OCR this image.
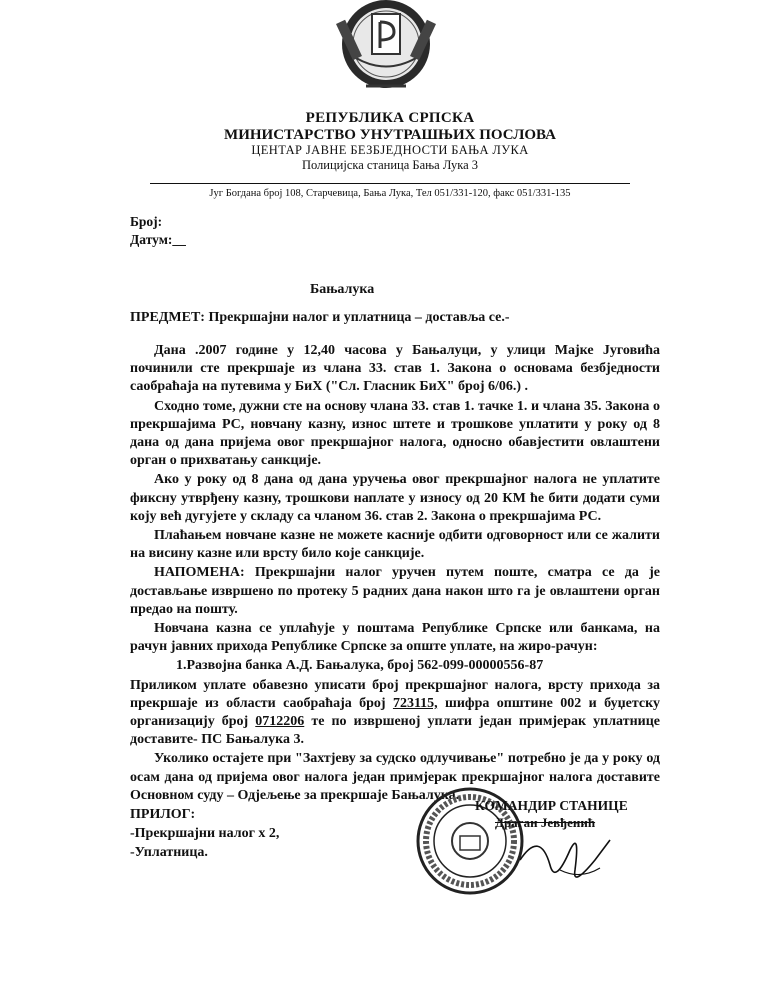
РЕПУБЛИКА СРПСКА
МИНИСТАРСТВО УНУТРАШЊИХ ПОСЛОВА
ЦЕНТАР ЈАВНЕ БЕЗБЈЕДНОСТИ БАЊА ЛУКА
Полицијска станица Бања Лука 3
Југ Богдана број 108, Старчевица, Бања Лука, Тел 051/331-120, факс 051/331-135
Број:
Датум:__
Бањалука
ПРЕДМЕТ: Прекршајни налог и уплатница – доставља се.-

Дана .2007 године у 12,40 часова у Бањалуци, у улици Мајке Југовића починили сте прекршаје из члана 33. став 1. Закона о основама безбједности саобраћаја на путевима у БиХ ("Сл. Гласник БиХ" број 6/06.) .

Сходно томе, дужни сте на основу члана 33. став 1. тачке 1. и члана 35. Закона о прекршајима РС, новчану казну, износ штете и трошкове уплатити у року од 8 дана од дана пријема овог прекршајног налога, односно обавјестити овлаштени орган о прихватању санкције.

Ако у року од 8 дана од дана уручења овог прекршајног налога не уплатите фиксну утврђену казну, трошкови наплате у износу од 20 КМ ће бити додати суми коју већ дугујете у складу са чланом 36. став 2. Закона о прекршајима РС.

Плаћањем новчане казне не можете касније одбити одговорност или се жалити на висину казне или врсту било које санкције.

НАПОМЕНА: Прекршајни налог уручен путем поште, сматра се да је достављање извршено по протеку 5 радних дана након што га је овлаштени орган предао на пошту.

Новчана казна се уплаћује у поштама Републике Српске или банкама, на рачун јавних прихода Републике Српске за опште уплате, на жиро-рачун:

1.Развојна банка А.Д. Бањалука, број 562-099-00000556-87

Приликом уплате обавезно уписати број прекршајног налога, врсту прихода за прекршаје из области саобраћаја број 723115, шифра општине 002 и буџетску организацију број 0712206 те по извршеној уплати један примјерак уплатнице доставите- ПС Бањалука 3.

Уколико остајете при "Захтјеву за судско одлучивање" потребно је да у року од осам дана од пријема овог налога један примјерак прекршајног налога доставите Основном суду – Одјељење за прекршаје Бањалука.

ПРИЛОГ:

-Прекршајни налог х 2,

-Уплатница.

КОМАНДИР СТАНИЦЕ
Драган Јевђенић
